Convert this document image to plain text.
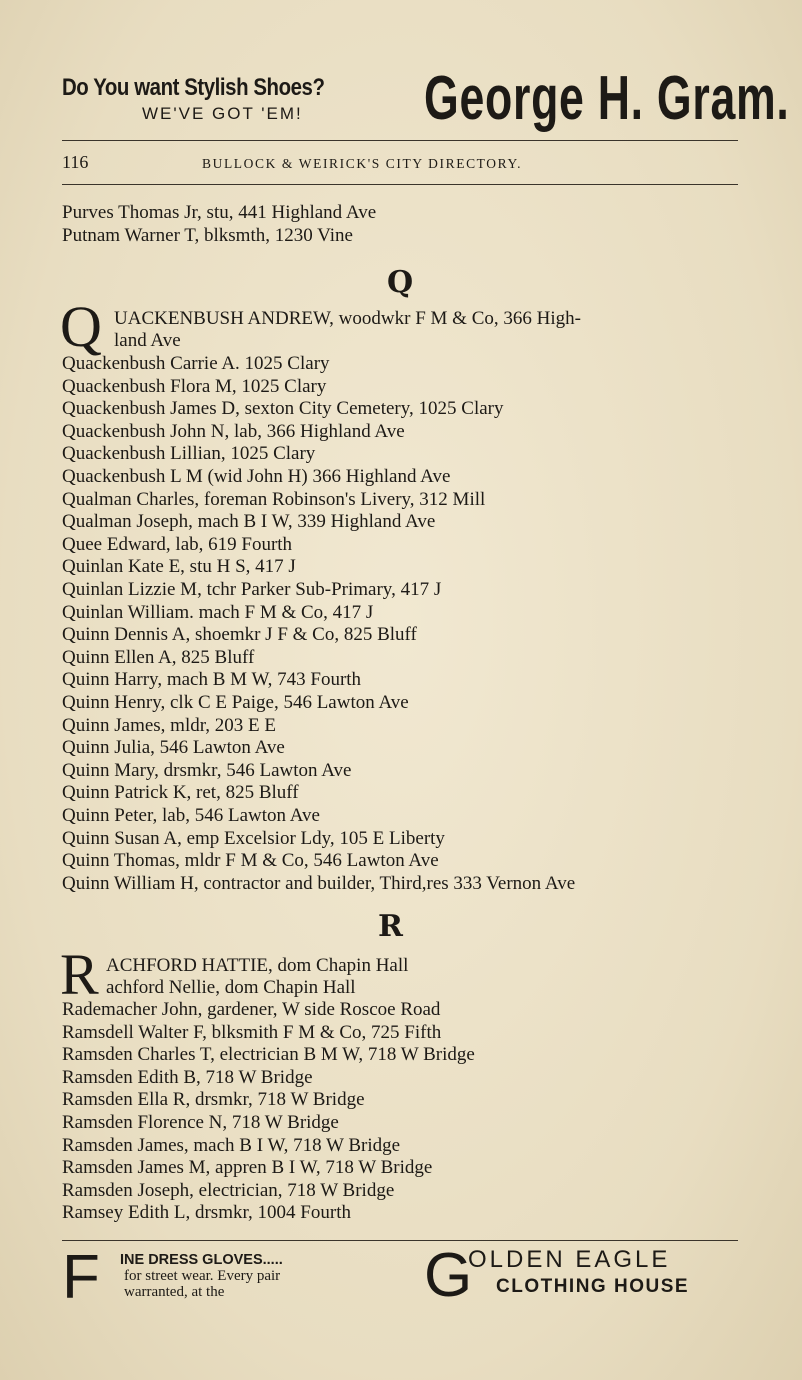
Do You want Stylish Shoes?
WE'VE GOT 'EM! George H. Gram.
116	BULLOCK & WEIRICK'S CITY DIRECTORY.
Purves Thomas Jr, stu, 441 Highland Ave
Putnam Warner T, blksmth, 1230 Vine
Q
Q UACKENBUSH ANDREW, woodwkr F M & Co, 366 High-
land Ave
Quackenbush Carrie A. 1025 Clary
Quackenbush Flora M, 1025 Clary
Quackenbush James D, sexton City Cemetery, 1025 Clary
Quackenbush John N, lab, 366 Highland Ave
Quackenbush Lillian, 1025 Clary
Quackenbush L M (wid John H) 366 Highland Ave
Qualman Charles, foreman Robinson's Livery, 312 Mill
Qualman Joseph, mach B I W, 339 Highland Ave
Quee Edward, lab, 619 Fourth
Quinlan Kate E, stu H S, 417 J
Quinlan Lizzie M, tchr Parker Sub-Primary, 417 J
Quinlan William. mach F M & Co, 417 J
Quinn Dennis A, shoemkr J F & Co, 825 Bluff
Quinn Ellen A, 825 Bluff
Quinn Harry, mach B M W, 743 Fourth
Quinn Henry, clk C E Paige, 546 Lawton Ave
Quinn James, mldr, 203 E E
Quinn Julia, 546 Lawton Ave
Quinn Mary, drsmkr, 546 Lawton Ave
Quinn Patrick K, ret, 825 Bluff
Quinn Peter, lab, 546 Lawton Ave
Quinn Susan A, emp Excelsior Ldy, 105 E Liberty
Quinn Thomas, mldr F M & Co, 546 Lawton Ave
Quinn William H, contractor and builder, Third,res 333 Vernon Ave
R
R ACHFORD HATTIE, dom Chapin Hall
achford Nellie, dom Chapin Hall
Rademacher John, gardener, W side Roscoe Road
Ramsdell Walter F, blksmith F M & Co, 725 Fifth
Ramsden Charles T, electrician B M W, 718 W Bridge
Ramsden Edith B, 718 W Bridge
Ramsden Ella R, drsmkr, 718 W Bridge
Ramsden Florence N, 718 W Bridge
Ramsden James, mach B I W, 718 W Bridge
Ramsden James M, appren B I W, 718 W Bridge
Ramsden Joseph, electrician, 718 W Bridge
Ramsey Edith L, drsmkr, 1004 Fourth
F INE DRESS GLOVES.....
for street wear. Every pair
warranted, at the	G
OLDEN EAGLE
CLOTHING HOUSE
